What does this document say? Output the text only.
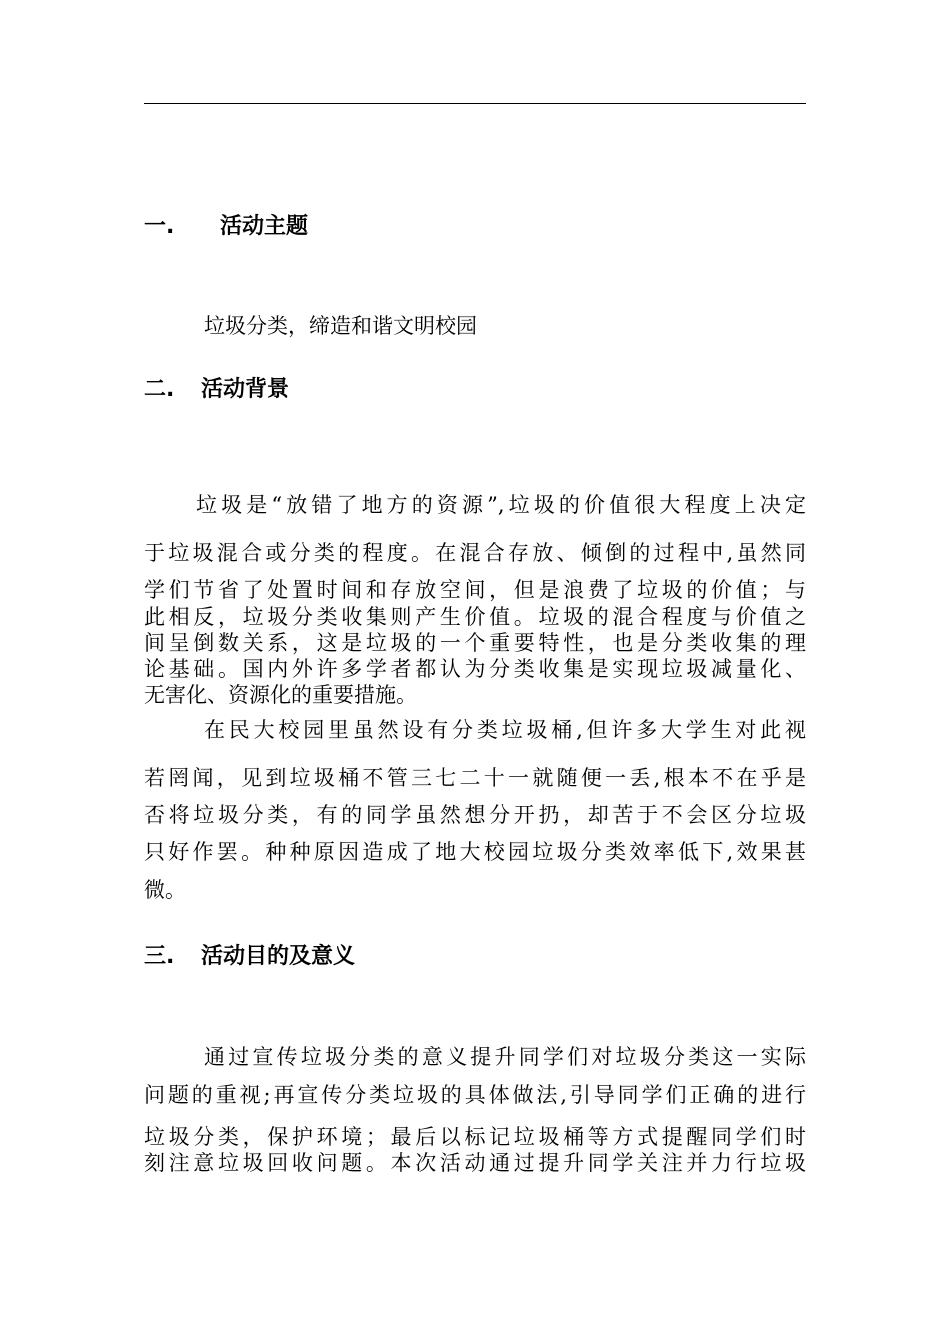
一. 活动主题
垃圾分类，缔造和谐文明校园
二. 活动背景
垃圾是“放错了地方的资源”,垃圾的价值很大程度上决定
于垃圾混合或分类的程度。在混合存放、倾倒的过程中,虽然同
学们节省了处置时间和存放空间，但是浪费了垃圾的价值；与
此相反，垃圾分类收集则产生价值。垃圾的混合程度与价值之
间呈倒数关系，这是垃圾的一个重要特性，也是分类收集的理
论基础。国内外许多学者都认为分类收集是实现垃圾减量化、
无害化、资源化的重要措施。
在民大校园里虽然设有分类垃圾桶,但许多大学生对此视
若罔闻，见到垃圾桶不管三七二十一就随便一丢,根本不在乎是
否将垃圾分类，有的同学虽然想分开扔，却苦于不会区分垃圾
只好作罢。种种原因造成了地大校园垃圾分类效率低下,效果甚
微。
三. 活动目的及意义
通过宣传垃圾分类的意义提升同学们对垃圾分类这一实际
问题的重视;再宣传分类垃圾的具体做法,引导同学们正确的进行
垃圾分类，保护环境；最后以标记垃圾桶等方式提醒同学们时
刻注意垃圾回收问题。本次活动通过提升同学关注并力行垃圾
